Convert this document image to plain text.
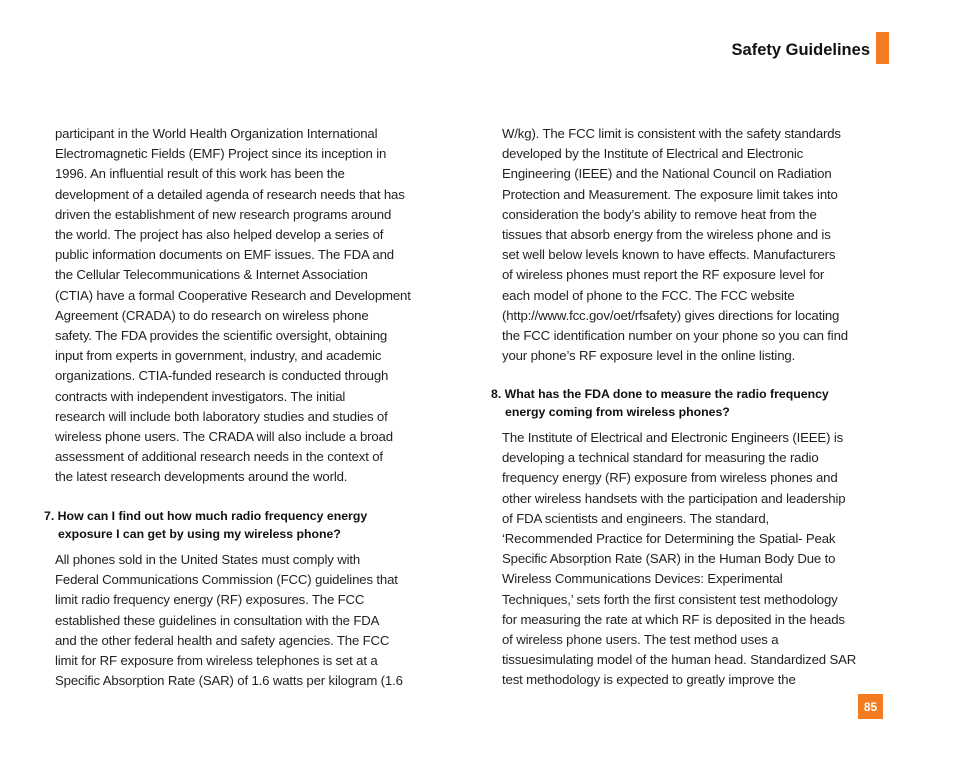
Safety Guidelines
participant in the World Health Organization International
Electromagnetic Fields (EMF) Project since its inception in
1996. An influential result of this work has been the
development of a detailed agenda of research needs that has
driven the establishment of new research programs around
the world. The project has also helped develop a series of
public information documents on EMF issues. The FDA and
the Cellular Telecommunications & Internet Association
(CTIA) have a formal Cooperative Research and Development
Agreement (CRADA) to do research on wireless phone
safety. The FDA provides the scientific oversight, obtaining
input from experts in government, industry, and academic
organizations. CTIA-funded research is conducted through
contracts with independent investigators. The initial
research will include both laboratory studies and studies of
wireless phone users. The CRADA will also include a broad
assessment of additional research needs in the context of
the latest research developments around the world.
7. How can I find out how much radio frequency energy
exposure I can get by using my wireless phone?
All phones sold in the United States must comply with
Federal Communications Commission (FCC) guidelines that
limit radio frequency energy (RF) exposures. The FCC
established these guidelines in consultation with the FDA
and the other federal health and safety agencies. The FCC
limit for RF exposure from wireless telephones is set at a
Specific Absorption Rate (SAR) of 1.6 watts per kilogram (1.6
W/kg). The FCC limit is consistent with the safety standards
developed by the Institute of Electrical and Electronic
Engineering (IEEE) and the National Council on Radiation
Protection and Measurement. The exposure limit takes into
consideration the body’s ability to remove heat from the
tissues that absorb energy from the wireless phone and is
set well below levels known to have effects. Manufacturers
of wireless phones must report the RF exposure level for
each model of phone to the FCC. The FCC website
(http://www.fcc.gov/oet/rfsafety) gives directions for locating
the FCC identification number on your phone so you can find
your phone’s RF exposure level in the online listing.
8. What has the FDA done to measure the radio frequency
energy coming from wireless phones?
The Institute of Electrical and Electronic Engineers (IEEE) is
developing a technical standard for measuring the radio
frequency energy (RF) exposure from wireless phones and
other wireless handsets with the participation and leadership
of FDA scientists and engineers. The standard,
‘Recommended Practice for Determining the Spatial- Peak
Specific Absorption Rate (SAR) in the Human Body Due to
Wireless Communications Devices: Experimental
Techniques,’ sets forth the first consistent test methodology
for measuring the rate at which RF is deposited in the heads
of wireless phone users. The test method uses a
tissuesimulating model of the human head. Standardized SAR
test methodology is expected to greatly improve the
85
